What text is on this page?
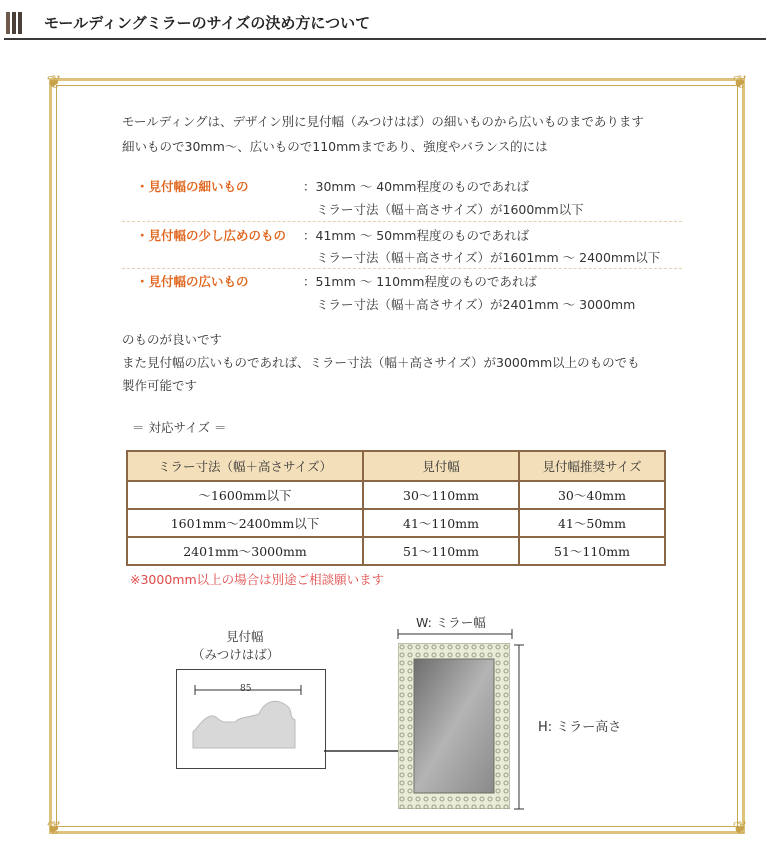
モールディングミラーのサイズの決め方について
❦	❦
❦	❦
モールディングは、デザイン別に見付幅（みつけはば）の細いものから広いものまであります
細いもので30mm〜、広いもので110mmまであり、強度やバランス的には
・見付幅の細いもの	：30mm 〜 40mm程度のものであれば
ミラー寸法（幅＋高さサイズ）が1600mm以下
・見付幅の少し広めのもの ：41mm 〜 50mm程度のものであれば
ミラー寸法（幅＋高さサイズ）が1601mm 〜 2400mm以下
・見付幅の広いもの	：51mm 〜 110mm程度のものであれば
ミラー寸法（幅＋高さサイズ）が2401mm 〜 3000mm
のものが良いです
また見付幅の広いものであれば、ミラー寸法（幅＋高さサイズ）が3000mm以上のものでも
製作可能です
＝ 対応サイズ ＝
ミラー寸法（幅＋高さサイズ）	見付幅	見付幅推奨サイズ
〜1600mm以下	30〜110mm	30〜40mm
1601mm〜2400mm以下	41〜110mm	41〜50mm
2401mm〜3000mm	51〜110mm	51〜110mm
※3000mm以上の場合は別途ご相談願います
見付幅
（みつけはば）
85
W: ミラー幅
H: ミラー高さ
